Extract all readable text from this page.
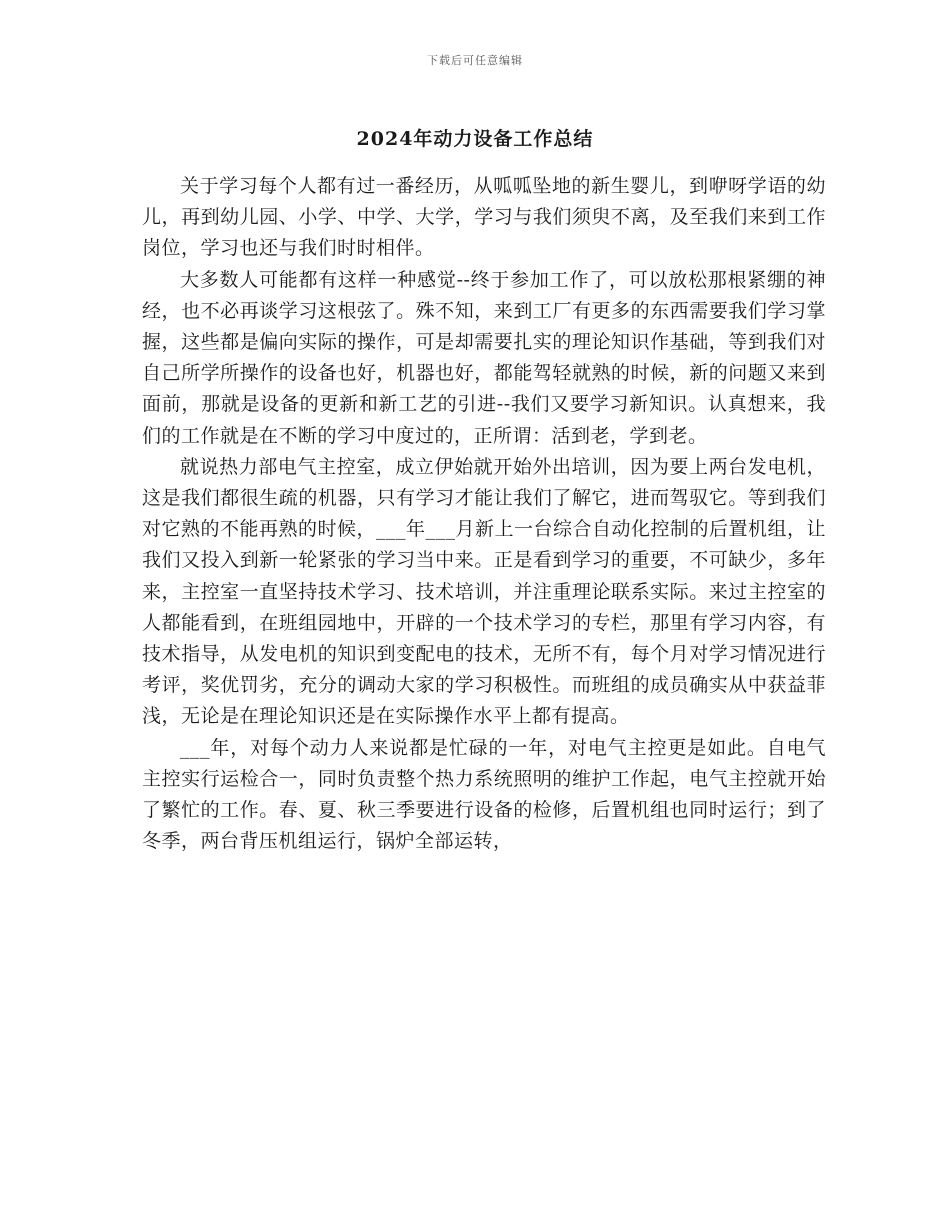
下载后可任意编辑
2024年动力设备工作总结

关于学习每个人都有过一番经历，从呱呱坠地的新生婴儿，到咿呀学语的幼儿，再到幼儿园、小学、中学、大学，学习与我们须臾不离，及至我们来到工作岗位，学习也还与我们时时相伴。

大多数人可能都有这样一种感觉--终于参加工作了，可以放松那根紧绷的神经，也不必再谈学习这根弦了。殊不知，来到工厂有更多的东西需要我们学习掌握，这些都是偏向实际的操作，可是却需要扎实的理论知识作基础，等到我们对自己所学所操作的设备也好，机器也好，都能驾轻就熟的时候，新的问题又来到面前，那就是设备的更新和新工艺的引进--我们又要学习新知识。认真想来，我们的工作就是在不断的学习中度过的，正所谓：活到老，学到老。

就说热力部电气主控室，成立伊始就开始外出培训，因为要上两台发电机，这是我们都很生疏的机器，只有学习才能让我们了解它，进而驾驭它。等到我们对它熟的不能再熟的时候，___年___月新上一台综合自动化控制的后置机组，让我们又投入到新一轮紧张的学习当中来。正是看到学习的重要，不可缺少，多年来，主控室一直坚持技术学习、技术培训，并注重理论联系实际。来过主控室的人都能看到，在班组园地中，开辟的一个技术学习的专栏，那里有学习内容，有技术指导，从发电机的知识到变配电的技术，无所不有，每个月对学习情况进行考评，奖优罚劣，充分的调动大家的学习积极性。而班组的成员确实从中获益菲浅，无论是在理论知识还是在实际操作水平上都有提高。

___年，对每个动力人来说都是忙碌的一年，对电气主控更是如此。自电气主控实行运检合一，同时负责整个热力系统照明的维护工作起，电气主控就开始了繁忙的工作。春、夏、秋三季要进行设备的检修，后置机组也同时运行；到了冬季，两台背压机组运行，锅炉全部运转，
